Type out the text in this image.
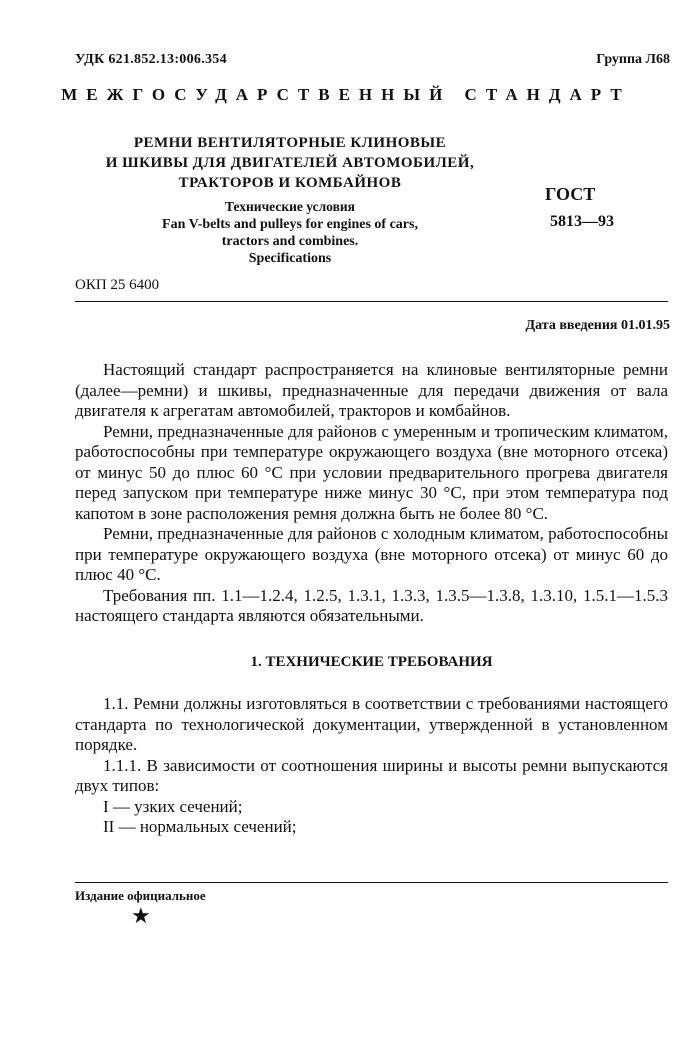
УДК 621.852.13:006.354	Группа Л68
МЕЖГОСУДАРСТВЕННЫЙ СТАНДАРТ
РЕМНИ ВЕНТИЛЯТОРНЫЕ КЛИНОВЫЕ
И ШКИВЫ ДЛЯ ДВИГАТЕЛЕЙ АВТОМОБИЛЕЙ,
ТРАКТОРОВ И КОМБАЙНОВ
Технические условия
Fan V-belts and pulleys for engines of cars,
tractors and combines.
Specifications
ГОСТ
5813—93
ОКП 25 6400
Дата введения 01.01.95

Настоящий стандарт распространяется на клиновые вентиляторные ремни (далее—ремни) и шкивы, предназначенные для передачи движения от вала двигателя к агрегатам автомобилей, тракторов и комбайнов.

Ремни, предназначенные для районов с умеренным и тропическим климатом, работоспособны при температуре окружающего воздуха (вне моторного отсека) от минус 50 до плюс 60 °С при условии предварительного прогрева двигателя перед запуском при температуре ниже минус 30 °С, при этом температура под капотом в зоне расположения ремня должна быть не более 80 °С.

Ремни, предназначенные для районов с холодным климатом, работоспособны при температуре окружающего воздуха (вне моторного отсека) от минус 60 до плюс 40 °С.

Требования пп. 1.1—1.2.4, 1.2.5, 1.3.1, 1.3.3, 1.3.5—1.3.8, 1.3.10, 1.5.1—1.5.3 настоящего стандарта являются обязательными.

1. ТЕХНИЧЕСКИЕ ТРЕБОВАНИЯ

1.1. Ремни должны изготовляться в соответствии с требованиями настоящего стандарта по технологической документации, утвержденной в установленном порядке.

1.1.1. В зависимости от соотношения ширины и высоты ремни выпускаются двух типов:

I — узких сечений;

II — нормальных сечений;

Издание официальное
★
